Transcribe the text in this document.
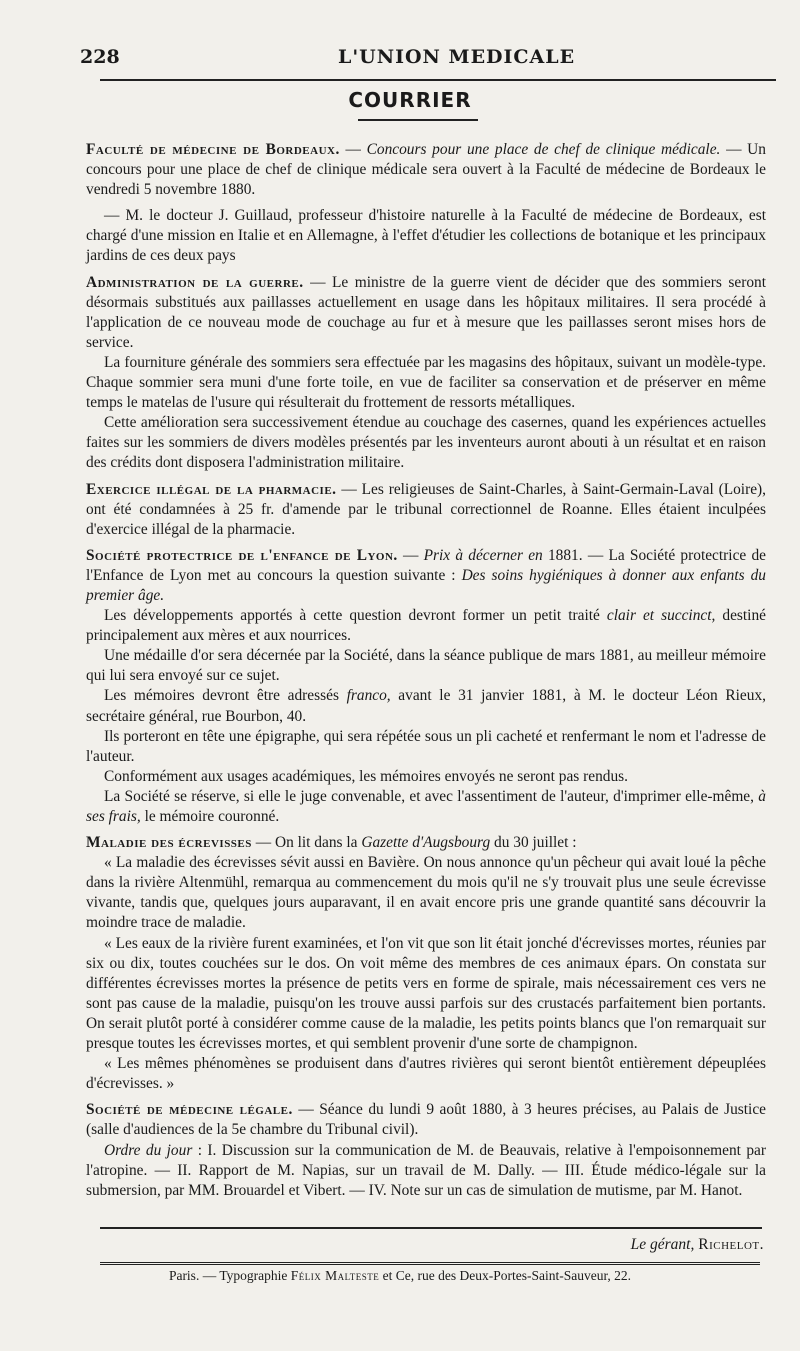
228	L'UNION MEDICALE
COURRIER

Faculté de médecine de Bordeaux. — Concours pour une place de chef de clinique médicale. — Un concours pour une place de chef de clinique médicale sera ouvert à la Faculté de médecine de Bordeaux le vendredi 5 novembre 1880.

— M. le docteur J. Guillaud, professeur d'histoire naturelle à la Faculté de médecine de Bordeaux, est chargé d'une mission en Italie et en Allemagne, à l'effet d'étudier les collections de botanique et les principaux jardins de ces deux pays

Administration de la guerre. — Le ministre de la guerre vient de décider que des sommiers seront désormais substitués aux paillasses actuellement en usage dans les hôpitaux militaires. Il sera procédé à l'application de ce nouveau mode de couchage au fur et à mesure que les paillasses seront mises hors de service.

La fourniture générale des sommiers sera effectuée par les magasins des hôpitaux, suivant un modèle-type. Chaque sommier sera muni d'une forte toile, en vue de faciliter sa conservation et de préserver en même temps le matelas de l'usure qui résulterait du frottement de ressorts métalliques.

Cette amélioration sera successivement étendue au couchage des casernes, quand les expériences actuelles faites sur les sommiers de divers modèles présentés par les inventeurs auront abouti à un résultat et en raison des crédits dont disposera l'administration militaire.

Exercice illégal de la pharmacie. — Les religieuses de Saint-Charles, à Saint-Germain-Laval (Loire), ont été condamnées à 25 fr. d'amende par le tribunal correctionnel de Roanne. Elles étaient inculpées d'exercice illégal de la pharmacie.

Société protectrice de l'enfance de Lyon. — Prix à décerner en 1881. — La Société protectrice de l'Enfance de Lyon met au concours la question suivante : Des soins hygiéniques à donner aux enfants du premier âge.

Les développements apportés à cette question devront former un petit traité clair et succinct, destiné principalement aux mères et aux nourrices.

Une médaille d'or sera décernée par la Société, dans la séance publique de mars 1881, au meilleur mémoire qui lui sera envoyé sur ce sujet.

Les mémoires devront être adressés franco, avant le 31 janvier 1881, à M. le docteur Léon Rieux, secrétaire général, rue Bourbon, 40.

Ils porteront en tête une épigraphe, qui sera répétée sous un pli cacheté et renfermant le nom et l'adresse de l'auteur.

Conformément aux usages académiques, les mémoires envoyés ne seront pas rendus.

La Société se réserve, si elle le juge convenable, et avec l'assentiment de l'auteur, d'imprimer elle-même, à ses frais, le mémoire couronné.

Maladie des écrevisses — On lit dans la Gazette d'Augsbourg du 30 juillet :

« La maladie des écrevisses sévit aussi en Bavière. On nous annonce qu'un pêcheur qui avait loué la pêche dans la rivière Altenmühl, remarqua au commencement du mois qu'il ne s'y trouvait plus une seule écrevisse vivante, tandis que, quelques jours auparavant, il en avait encore pris une grande quantité sans découvrir la moindre trace de maladie.

« Les eaux de la rivière furent examinées, et l'on vit que son lit était jonché d'écrevisses mortes, réunies par six ou dix, toutes couchées sur le dos. On voit même des membres de ces animaux épars. On constata sur différentes écrevisses mortes la présence de petits vers en forme de spirale, mais nécessairement ces vers ne sont pas cause de la maladie, puisqu'on les trouve aussi parfois sur des crustacés parfaitement bien portants. On serait plutôt porté à considérer comme cause de la maladie, les petits points blancs que l'on remarquait sur presque toutes les écrevisses mortes, et qui semblent provenir d'une sorte de champignon.

« Les mêmes phénomènes se produisent dans d'autres rivières qui seront bientôt entièrement dépeuplées d'écrevisses. »

Société de médecine légale. — Séance du lundi 9 août 1880, à 3 heures précises, au Palais de Justice (salle d'audiences de la 5e chambre du Tribunal civil).

Ordre du jour : I. Discussion sur la communication de M. de Beauvais, relative à l'empoisonnement par l'atropine. — II. Rapport de M. Napias, sur un travail de M. Dally. — III. Étude médico-légale sur la submersion, par MM. Brouardel et Vibert. — IV. Note sur un cas de simulation de mutisme, par M. Hanot.

Le gérant, Richelot.
Paris. — Typographie Félix Malteste et Ce, rue des Deux-Portes-Saint-Sauveur, 22.
